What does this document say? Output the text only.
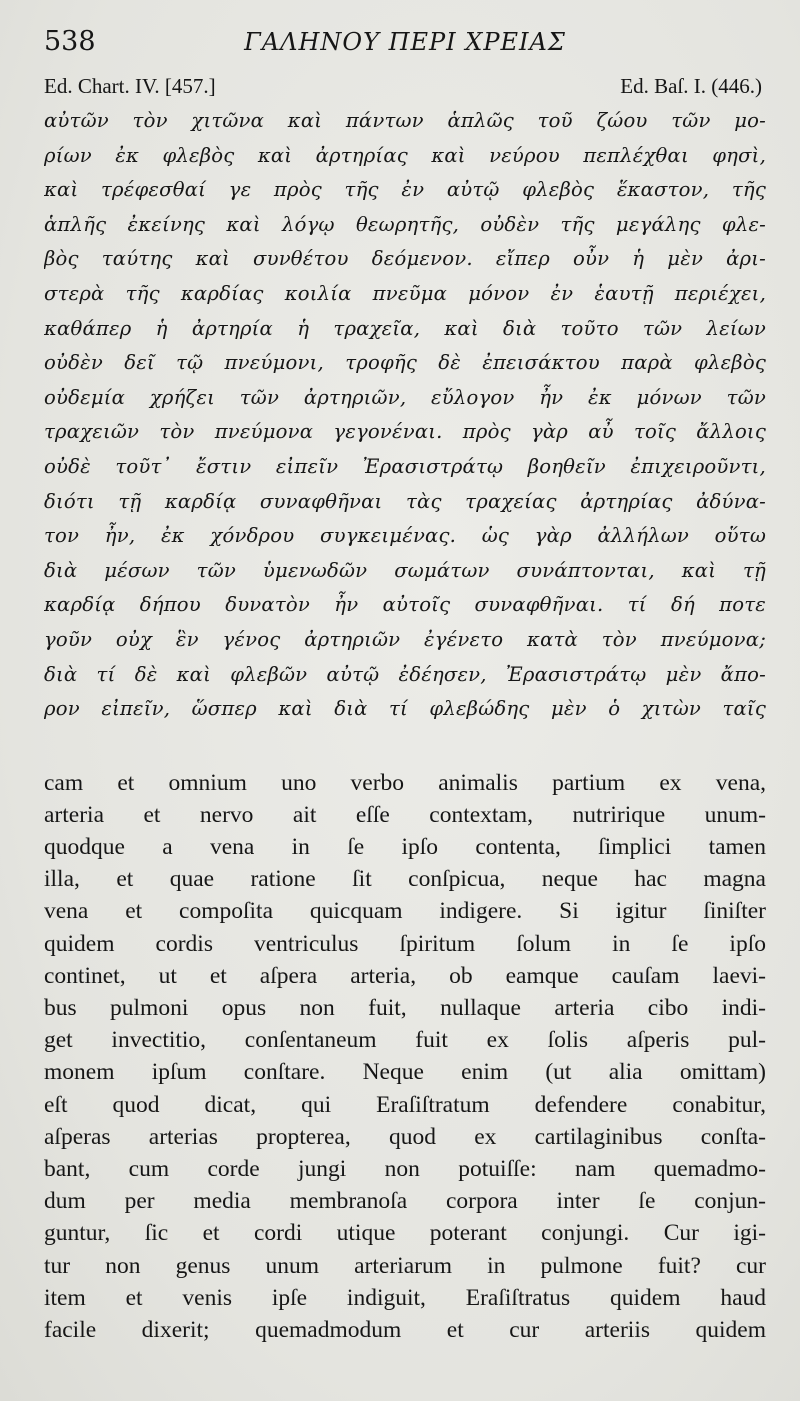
538	ΓΑΛΗΝΟΥ ΠΕΡΙ ΧΡΕΙΑΣ
Ed. Chart. IV. [457.]	Ed. Baſ. I. (446.)
αὐτῶν τὸν χιτῶνα καὶ πάντων ἁπλῶς τοῦ ζώου τῶν μο-
ρίων ἐκ φλεβὸς καὶ ἀρτηρίας καὶ νεύρου πεπλέχθαι φησὶ,
καὶ τρέφεσθαί γε πρὸς τῆς ἐν αὐτῷ φλεβὸς ἕκαστον, τῆς
ἁπλῆς ἐκείνης καὶ λόγῳ θεωρητῆς, οὐδὲν τῆς μεγάλης φλε-
βὸς ταύτης καὶ συνθέτου δεόμενον. εἴπερ οὖν ἡ μὲν ἀρι-
στερὰ τῆς καρδίας κοιλία πνεῦμα μόνον ἐν ἑαυτῇ περιέχει,
καθάπερ ἡ ἀρτηρία ἡ τραχεῖα, καὶ διὰ τοῦτο τῶν λείων
οὐδὲν δεῖ τῷ πνεύμονι, τροφῆς δὲ ἐπεισάκτου παρὰ φλεβὸς
οὐδεμία χρήζει τῶν ἀρτηριῶν, εὔλογον ἦν ἐκ μόνων τῶν
τραχειῶν τὸν πνεύμονα γεγονέναι. πρὸς γὰρ αὖ τοῖς ἄλλοις
οὐδὲ τοῦτ᾽ ἔστιν εἰπεῖν Ἐρασιστράτῳ βοηθεῖν ἐπιχειροῦντι,
διότι τῇ καρδίᾳ συναφθῆναι τὰς τραχείας ἀρτηρίας ἀδύνα-
τον ἦν, ἐκ χόνδρου συγκειμένας. ὡς γὰρ ἀλλήλων οὕτω
διὰ μέσων τῶν ὑμενωδῶν σωμάτων συνάπτονται, καὶ τῇ
καρδίᾳ δήπου δυνατὸν ἦν αὐτοῖς συναφθῆναι. τί δή ποτε
γοῦν οὐχ ἓν γένος ἀρτηριῶν ἐγένετο κατὰ τὸν πνεύμονα;
διὰ τί δὲ καὶ φλεβῶν αὐτῷ ἐδέησεν, Ἐρασιστράτῳ μὲν ἄπο-
ρον εἰπεῖν, ὥσπερ καὶ διὰ τί φλεβώδης μὲν ὁ χιτὼν ταῖς
cam et omnium uno verbo animalis partium ex vena,
arteria et nervo ait eſſe contextam, nutririque unum-
quodque a vena in ſe ipſo contenta, ſimplici tamen
illa, et quae ratione ſit conſpicua, neque hac magna
vena et compoſita quicquam indigere. Si igitur ſiniſter
quidem cordis ventriculus ſpiritum ſolum in ſe ipſo
continet, ut et aſpera arteria, ob eamque cauſam laevi-
bus pulmoni opus non fuit, nullaque arteria cibo indi-
get invectitio, conſentaneum fuit ex ſolis aſperis pul-
monem ipſum conſtare. Neque enim (ut alia omittam)
eſt quod dicat, qui Eraſiſtratum defendere conabitur,
aſperas arterias propterea, quod ex cartilaginibus conſta-
bant, cum corde jungi non potuiſſe: nam quemadmo-
dum per media membranoſa corpora inter ſe conjun-
guntur, ſic et cordi utique poterant conjungi. Cur igi-
tur non genus unum arteriarum in pulmone fuit? cur
item et venis ipſe indiguit, Eraſiſtratus quidem haud
facile dixerit; quemadmodum et cur arteriis quidem
